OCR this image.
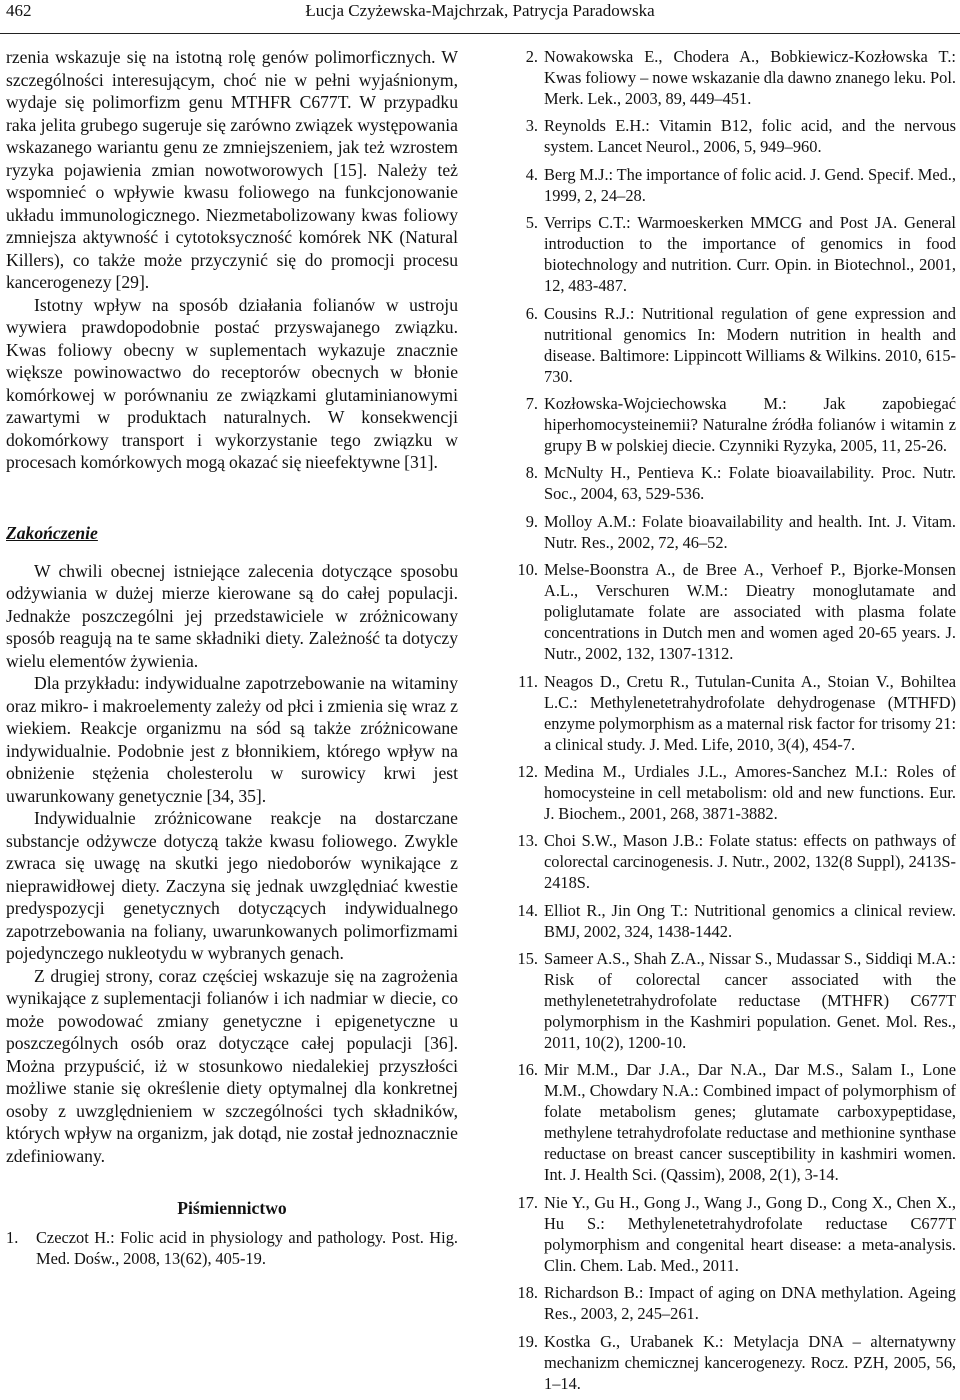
462	Łucja Czyżewska-Majchrzak, Patrycja Paradowska

rzenia wskazuje się na istotną rolę genów polimorficznych. W szczególności interesującym, choć nie w pełni wyjaśnionym, wydaje się polimorfizm genu MTHFR C677T. W przypadku raka jelita grubego sugeruje się zarówno związek występowania wskazanego wariantu genu ze zmniejszeniem, jak też wzrostem ryzyka pojawienia zmian nowotworowych [15]. Należy też wspomnieć o wpływie kwasu foliowego na funkcjonowanie układu immunologicznego. Niezmetabolizowany kwas foliowy zmniejsza aktywność i cytotoksyczność komórek NK (Natural Killers), co także może przyczynić się do promocji procesu kancerogenezy [29].

Istotny wpływ na sposób działania folianów w ustroju wywiera prawdopodobnie postać przyswajanego związku. Kwas foliowy obecny w suplementach wykazuje znacznie większe powinowactwo do receptorów obecnych w błonie komórkowej w porównaniu ze związkami glutaminianowymi zawartymi w produktach naturalnych. W konsekwencji dokomórkowy transport i wykorzystanie tego związku w procesach komórkowych mogą okazać się nieefektywne [31].

Zakończenie

W chwili obecnej istniejące zalecenia dotyczące sposobu odżywiania w dużej mierze kierowane są do całej populacji. Jednakże poszczególni jej przedstawiciele w zróżnicowany sposób reagują na te same składniki diety. Zależność ta dotyczy wielu elementów żywienia.

Dla przykładu: indywidualne zapotrzebowanie na witaminy oraz mikro- i makroelementy zależy od płci i zmienia się wraz z wiekiem. Reakcje organizmu na sód są także zróżnicowane indywidualnie. Podobnie jest z błonnikiem, którego wpływ na obniżenie stężenia cholesterolu w surowicy krwi jest uwarunkowany genetycznie [34, 35].

Indywidualnie zróżnicowane reakcje na dostarczane substancje odżywcze dotyczą także kwasu foliowego. Zwykle zwraca się uwagę na skutki jego niedoborów wynikające z nieprawidłowej diety. Zaczyna się jednak uwzględniać kwestie predyspozycji genetycznych dotyczących indywidualnego zapotrzebowania na foliany, uwarunkowanych polimorfizmami pojedynczego nukleotydu w wybranych genach.

Z drugiej strony, coraz częściej wskazuje się na zagrożenia wynikające z suplementacji folianów i ich nadmiar w diecie, co może powodować zmiany genetyczne i epigenetyczne u poszczególnych osób oraz dotyczące całej populacji [36]. Można przypuścić, iż w stosunkowo niedalekiej przyszłości możliwe stanie się określenie diety optymalnej dla konkretnej osoby z uwzględnieniem w szczególności tych składników, których wpływ na organizm, jak dotąd, nie został jednoznacznie zdefiniowany.

Piśmiennictwo
1. Czeczot H.: Folic acid in physiology and pathology. Post. Hig. Med. Dośw., 2008, 13(62), 405-19.
2. Nowakowska E., Chodera A., Bobkiewicz-Kozłowska T.: Kwas foliowy – nowe wskazanie dla dawno znanego leku. Pol. Merk. Lek., 2003, 89, 449–451.
3. Reynolds E.H.: Vitamin B12, folic acid, and the nervous system. Lancet Neurol., 2006, 5, 949–960.
4. Berg M.J.: The importance of folic acid. J. Gend. Specif. Med., 1999, 2, 24–28.
5. Verrips C.T.: Warmoeskerken MMCG and Post JA. General introduction to the importance of genomics in food biotechnology and nutrition. Curr. Opin. in Biotechnol., 2001, 12, 483-487.
6. Cousins R.J.: Nutritional regulation of gene expression and nutritional genomics In: Modern nutrition in health and disease. Baltimore: Lippincott Williams & Wilkins. 2010, 615-730.
7. Kozłowska-Wojciechowska M.: Jak zapobiegać hiperhomocysteinemii? Naturalne źródła folianów i witamin z grupy B w polskiej diecie. Czynniki Ryzyka, 2005, 11, 25-26.
8. McNulty H., Pentieva K.: Folate bioavailability. Proc. Nutr. Soc., 2004, 63, 529-536.
9. Molloy A.M.: Folate bioavailability and health. Int. J. Vitam. Nutr. Res., 2002, 72, 46–52.
10. Melse-Boonstra A., de Bree A., Verhoef P., Bjorke-Monsen A.L., Verschuren W.M.: Dieatry monoglutamate and poliglutamate folate are associated with plasma folate concentrations in Dutch men and women aged 20-65 years. J. Nutr., 2002, 132, 1307-1312.
11. Neagos D., Cretu R., Tutulan-Cunita A., Stoian V., Bohiltea L.C.: Methylenetetrahydrofolate dehydrogenase (MTHFD) enzyme polymorphism as a maternal risk factor for trisomy 21: a clinical study. J. Med. Life, 2010, 3(4), 454-7.
12. Medina M., Urdiales J.L., Amores-Sanchez M.I.: Roles of homocysteine in cell metabolism: old and new functions. Eur. J. Biochem., 2001, 268, 3871-3882.
13. Choi S.W., Mason J.B.: Folate status: effects on pathways of colorectal carcinogenesis. J. Nutr., 2002, 132(8 Suppl), 2413S-2418S.
14. Elliot R., Jin Ong T.: Nutritional genomics a clinical review. BMJ, 2002, 324, 1438-1442.
15. Sameer A.S., Shah Z.A., Nissar S., Mudassar S., Siddiqi M.A.: Risk of colorectal cancer associated with the methylenetetrahydrofolate reductase (MTHFR) C677T polymorphism in the Kashmiri population. Genet. Mol. Res., 2011, 10(2), 1200-10.
16. Mir M.M., Dar J.A., Dar N.A., Dar M.S., Salam I., Lone M.M., Chowdary N.A.: Combined impact of polymorphism of folate metabolism genes; glutamate carboxypeptidase, methylene tetrahydrofolate reductase and methionine synthase reductase on breast cancer susceptibility in kashmiri women. Int. J. Health Sci. (Qassim), 2008, 2(1), 3-14.
17. Nie Y., Gu H., Gong J., Wang J., Gong D., Cong X., Chen X., Hu S.: Methylenetetrahydrofolate reductase C677T polymorphism and congenital heart disease: a meta-analysis. Clin. Chem. Lab. Med., 2011.
18. Richardson B.: Impact of aging on DNA methylation. Ageing Res., 2003, 2, 245–261.
19. Kostka G., Urabanek K.: Metylacja DNA – alternatywny mechanizm chemicznej kancerogenezy. Rocz. PZH, 2005, 56, 1–14.
